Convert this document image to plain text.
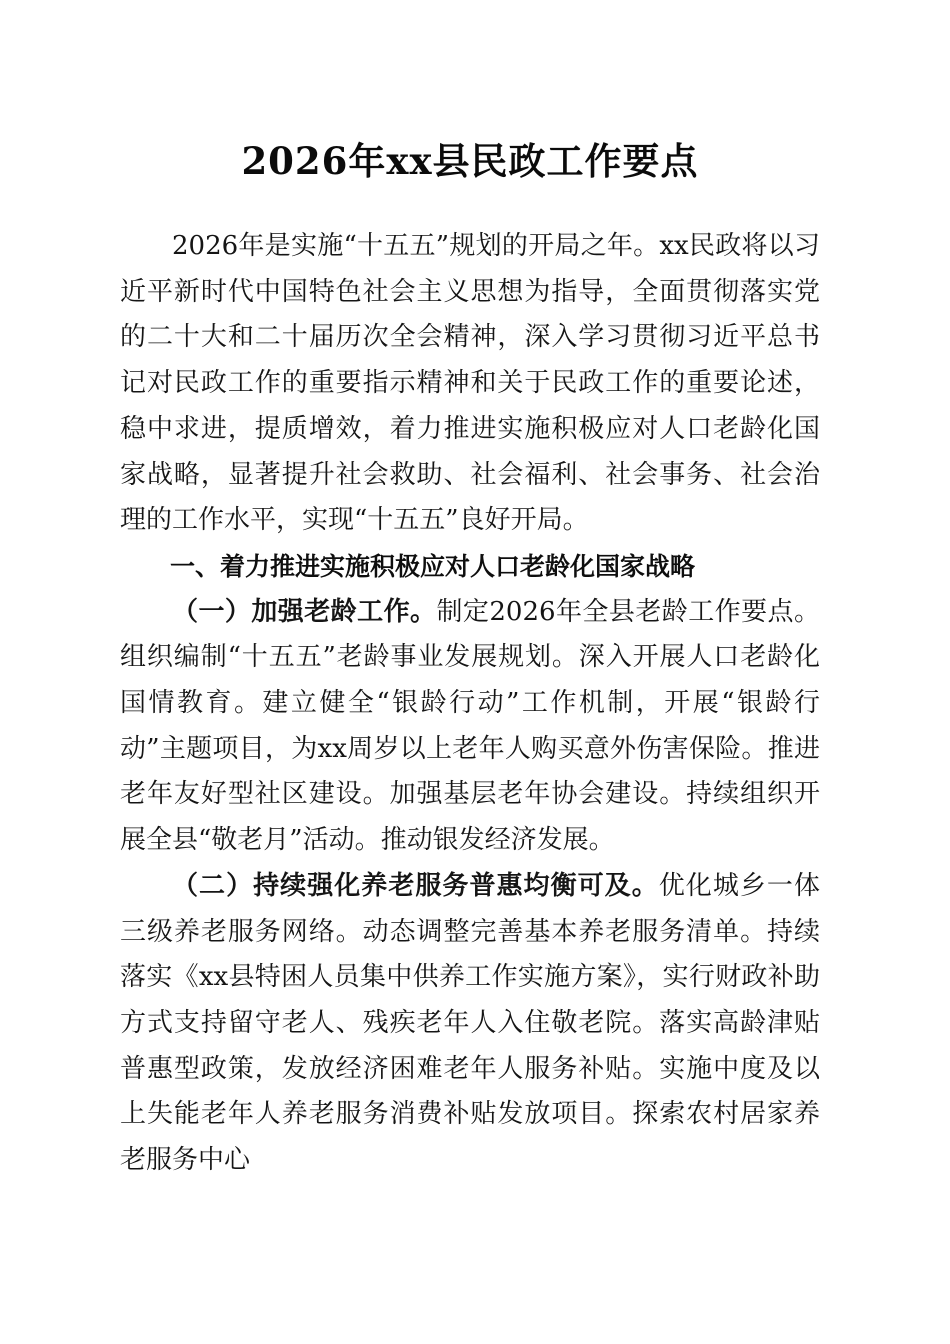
2026年xx县民政工作要点

2026年是实施“十五五”规划的开局之年。xx民政将以习近平新时代中国特色社会主义思想为指导，全面贯彻落实党的二十大和二十届历次全会精神，深入学习贯彻习近平总书记对民政工作的重要指示精神和关于民政工作的重要论述，稳中求进，提质增效，着力推进实施积极应对人口老龄化国家战略，显著提升社会救助、社会福利、社会事务、社会治理的工作水平，实现“十五五”良好开局。

一、着力推进实施积极应对人口老龄化国家战略

（一）加强老龄工作。制定2026年全县老龄工作要点。组织编制“十五五”老龄事业发展规划。深入开展人口老龄化国情教育。建立健全“银龄行动”工作机制，开展“银龄行动”主题项目，为xx周岁以上老年人购买意外伤害保险。推进老年友好型社区建设。加强基层老年协会建设。持续组织开展全县“敬老月”活动。推动银发经济发展。

（二）持续强化养老服务普惠均衡可及。优化城乡一体三级养老服务网络。动态调整完善基本养老服务清单。持续落实《xx县特困人员集中供养工作实施方案》，实行财政补助方式支持留守老人、残疾老年人入住敬老院。落实高龄津贴普惠型政策，发放经济困难老年人服务补贴。实施中度及以上失能老年人养老服务消费补贴发放项目。探索农村居家养老服务中心
